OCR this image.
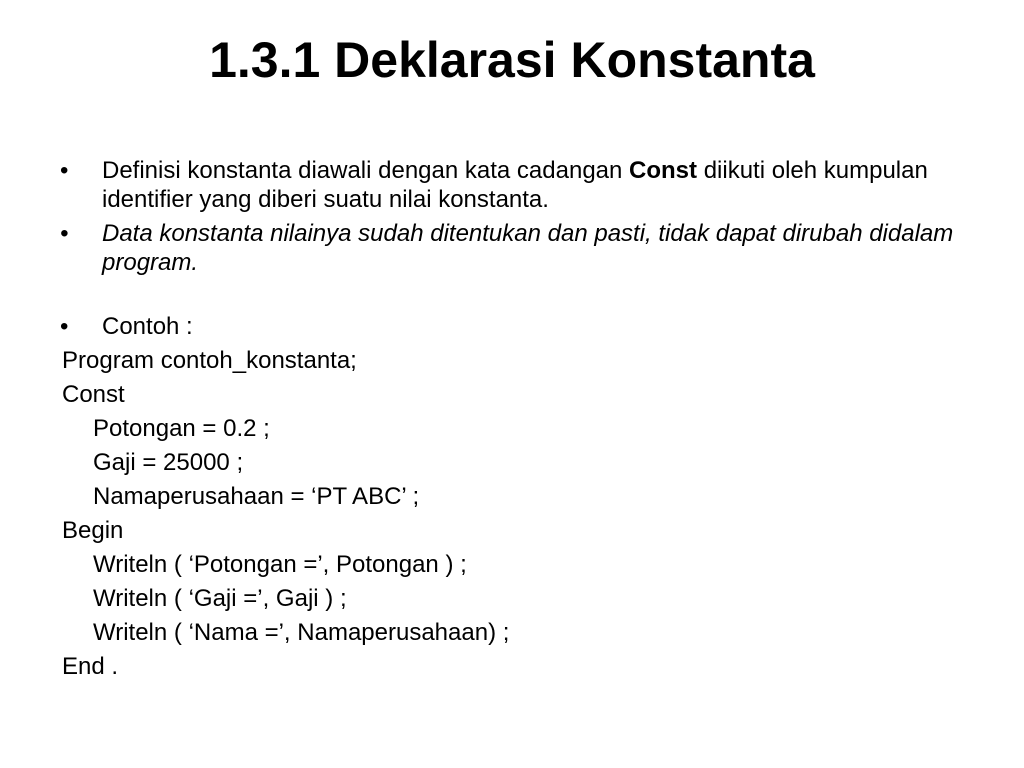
1.3.1 Deklarasi Konstanta
•	Definisi konstanta diawali dengan kata cadangan Const diikuti oleh kumpulan identifier yang diberi suatu nilai konstanta.
•	Data konstanta nilainya sudah ditentukan dan pasti, tidak dapat dirubah didalam program.
•	Contoh :
Program contoh_konstanta;
Const
Potongan = 0.2 ;
Gaji = 25000 ;
Namaperusahaan = ‘PT ABC’ ;
Begin
Writeln ( ‘Potongan =’, Potongan ) ;
Writeln ( ‘Gaji =’, Gaji ) ;
Writeln ( ‘Nama =’, Namaperusahaan) ;
End .
